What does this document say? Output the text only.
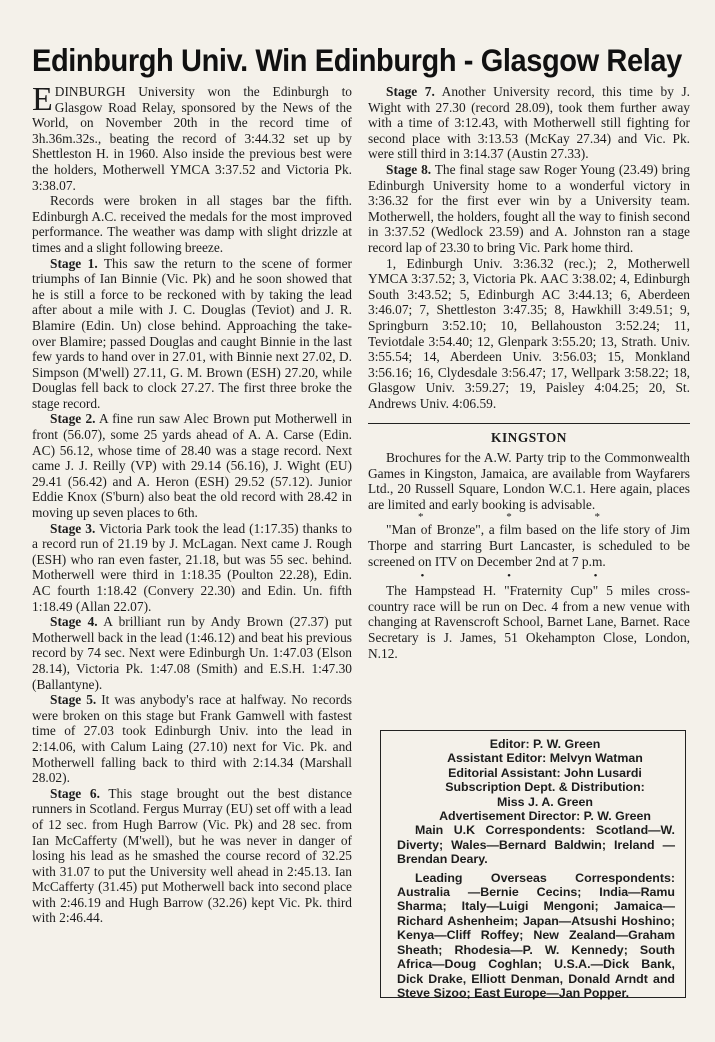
Edinburgh Univ. Win Edinburgh - Glasgow Relay

EDINBURGH University won the Edinburgh to Glasgow Road Relay, sponsored by the News of the World, on November 20th in the record time of 3h.36m.32s., beating the record of 3:44.32 set up by Shettleston H. in 1960. Also inside the previous best were the holders, Motherwell YMCA 3:37.52 and Victoria Pk. 3:38.07.

Records were broken in all stages bar the fifth. Edinburgh A.C. received the medals for the most improved performance. The weather was damp with slight drizzle at times and a slight following breeze.

Stage 1. This saw the return to the scene of former triumphs of Ian Binnie (Vic. Pk) and he soon showed that he is still a force to be reckoned with by taking the lead after about a mile with J. C. Douglas (Teviot) and J. R. Blamire (Edin. Un) close behind. Approaching the take-over Blamire; passed Douglas and caught Binnie in the last few yards to hand over in 27.01, with Binnie next 27.02, D. Simpson (M'well) 27.11, G. M. Brown (ESH) 27.20, while Douglas fell back to clock 27.27. The first three broke the stage record.

Stage 2. A fine run saw Alec Brown put Motherwell in front (56.07), some 25 yards ahead of A. A. Carse (Edin. AC) 56.12, whose time of 28.40 was a stage record. Next came J. J. Reilly (VP) with 29.14 (56.16), J. Wight (EU) 29.41 (56.42) and A. Heron (ESH) 29.52 (57.12). Junior Eddie Knox (S'burn) also beat the old record with 28.42 in moving up seven places to 6th.

Stage 3. Victoria Park took the lead (1:17.35) thanks to a record run of 21.19 by J. McLagan. Next came J. Rough (ESH) who ran even faster, 21.18, but was 55 sec. behind. Motherwell were third in 1:18.35 (Poulton 22.28), Edin. AC fourth 1:18.42 (Convery 22.30) and Edin. Un. fifth 1:18.49 (Allan 22.07).

Stage 4. A brilliant run by Andy Brown (27.37) put Motherwell back in the lead (1:46.12) and beat his previous record by 74 sec. Next were Edinburgh Un. 1:47.03 (Elson 28.14), Victoria Pk. 1:47.08 (Smith) and E.S.H. 1:47.30 (Ballantyne).

Stage 5. It was anybody's race at halfway. No records were broken on this stage but Frank Gamwell with fastest time of 27.03 took Edinburgh Univ. into the lead in 2:14.06, with Calum Laing (27.10) next for Vic. Pk. and Motherwell falling back to third with 2:14.34 (Marshall 28.02).

Stage 6. This stage brought out the best distance runners in Scotland. Fergus Murray (EU) set off with a lead of 12 sec. from Hugh Barrow (Vic. Pk) and 28 sec. from Ian McCafferty (M'well), but he was never in danger of losing his lead as he smashed the course record of 32.25 with 31.07 to put the University well ahead in 2:45.13. Ian McCafferty (31.45) put Motherwell back into second place with 2:46.19 and Hugh Barrow (32.26) kept Vic. Pk. third with 2:46.44.

Stage 7. Another University record, this time by J. Wight with 27.30 (record 28.09), took them further away with a time of 3:12.43, with Motherwell still fighting for second place with 3:13.53 (McKay 27.34) and Vic. Pk. were still third in 3:14.37 (Austin 27.33).

Stage 8. The final stage saw Roger Young (23.49) bring Edinburgh University home to a wonderful victory in 3:36.32 for the first ever win by a University team. Motherwell, the holders, fought all the way to finish second in 3:37.52 (Wedlock 23.59) and A. Johnston ran a stage record lap of 23.30 to bring Vic. Park home third.

1, Edinburgh Univ. 3:36.32 (rec.); 2, Motherwell YMCA 3:37.52; 3, Victoria Pk. AAC 3:38.02; 4, Edinburgh South 3:43.52; 5, Edinburgh AC 3:44.13; 6, Aberdeen 3:46.07; 7, Shettleston 3:47.35; 8, Hawkhill 3:49.51; 9, Springburn 3:52.10; 10, Bellahouston 3:52.24; 11, Teviotdale 3:54.40; 12, Glenpark 3:55.20; 13, Strath. Univ. 3:55.54; 14, Aberdeen Univ. 3:56.03; 15, Monkland 3:56.16; 16, Clydesdale 3:56.47; 17, Wellpark 3:58.22; 18, Glasgow Univ. 3:59.27; 19, Paisley 4:04.25; 20, St. Andrews Univ. 4:06.59.

KINGSTON

Brochures for the A.W. Party trip to the Commonwealth Games in Kingston, Jamaica, are available from Wayfarers Ltd., 20 Russell Square, London W.C.1. Here again, places are limited and early booking is advisable.

* * *

"Man of Bronze", a film based on the life story of Jim Thorpe and starring Burt Lancaster, is scheduled to be screened on ITV on December 2nd at 7 p.m.

• • •

The Hampstead H. "Fraternity Cup" 5 miles cross-country race will be run on Dec. 4 from a new venue with changing at Ravenscroft School, Barnet Lane, Barnet. Race Secretary is J. James, 51 Okehampton Close, London, N.12.

Editor: P. W. Green

Assistant Editor: Melvyn Watman

Editorial Assistant: John Lusardi

Subscription Dept. & Distribution:

Miss J. A. Green

Advertisement Director: P. W. Green

Main U.K Correspondents: Scotland—W. Diverty; Wales—Bernard Baldwin; Ireland —Brendan Deary.

Leading Overseas Correspondents: Australia —Bernie Cecins; India—Ramu Sharma; Italy—Luigi Mengoni; Jamaica—Richard Ashenheim; Japan—Atsushi Hoshino; Kenya—Cliff Roffey; New Zealand—Graham Sheath; Rhodesia—P. W. Kennedy; South Africa—Doug Coghlan; U.S.A.—Dick Bank, Dick Drake, Elliott Denman, Donald Arndt and Steve Sizoo; East Europe—Jan Popper.
